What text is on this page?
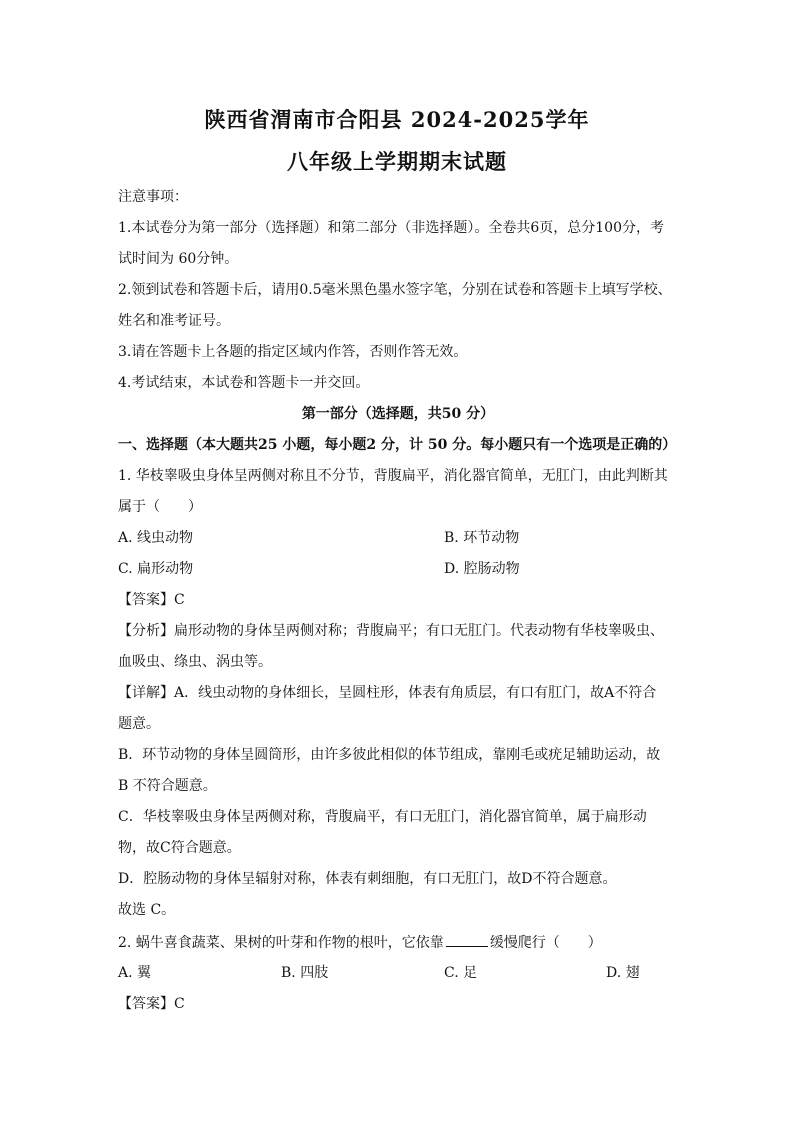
陕西省渭南市合阳县 2024-2025学年
八年级上学期期末试题
注意事项：
1.本试卷分为第一部分（选择题）和第二部分（非选择题）。全卷共6页，总分100分，考
试时间为 60分钟。
2.领到试卷和答题卡后，请用0.5毫米黑色墨水签字笔，分别在试卷和答题卡上填写学校、
姓名和准考证号。
3.请在答题卡上各题的指定区域内作答，否则作答无效。
4.考试结束，本试卷和答题卡一并交回。
第一部分（选择题，共50 分）
一、选择题（本大题共25 小题，每小题2 分，计 50 分。每小题只有一个选项是正确的）
1. 华枝睾吸虫身体呈两侧对称且不分节，背腹扁平，消化器官简单，无肛门，由此判断其
属于（　　）
A. 线虫动物	B. 环节动物
C. 扁形动物	D. 腔肠动物
【答案】C
【分析】扁形动物的身体呈两侧对称；背腹扁平；有口无肛门。代表动物有华枝睾吸虫、
血吸虫、绦虫、涡虫等。
【详解】A．线虫动物的身体细长，呈圆柱形，体表有角质层，有口有肛门，故A不符合
题意。
B．环节动物的身体呈圆筒形，由许多彼此相似的体节组成，靠刚毛或疣足辅助运动，故
B 不符合题意。
C．华枝睾吸虫身体呈两侧对称，背腹扁平，有口无肛门，消化器官简单，属于扁形动
物，故C符合题意。
D．腔肠动物的身体呈辐射对称，体表有刺细胞，有口无肛门，故D不符合题意。
故选 C。
2. 蜗牛喜食蔬菜、果树的叶芽和作物的根叶，它依靠	缓慢爬行（　　）
A. 翼	B. 四肢	C. 足	D. 翅
【答案】C
